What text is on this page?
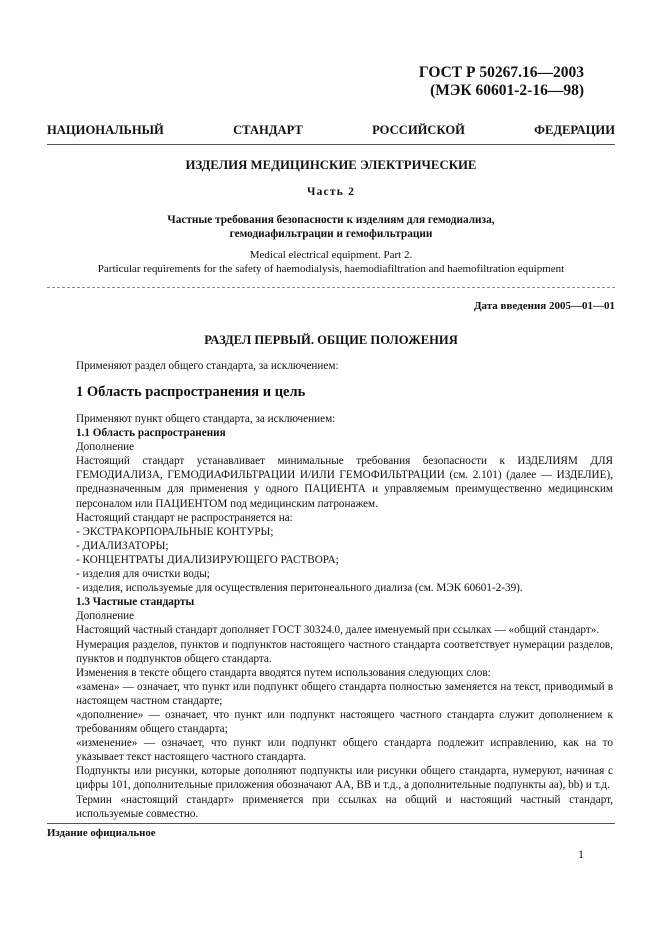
ГОСТ Р 50267.16—2003
(МЭК 60601-2-16—98)
НАЦИОНАЛЬНЫЙ СТАНДАРТ РОССИЙСКОЙ ФЕДЕРАЦИИ
ИЗДЕЛИЯ МЕДИЦИНСКИЕ ЭЛЕКТРИЧЕСКИЕ
Часть 2
Частные требования безопасности к изделиям для гемодиализа,
гемодиафильтрации и гемофильтрации
Medical electrical equipment. Part 2.
Particular requirements for the safety of haemodialysis, haemodiafiltration and haemofiltration equipment
Дата введения 2005—01—01
РАЗДЕЛ ПЕРВЫЙ. ОБЩИЕ ПОЛОЖЕНИЯ
Применяют раздел общего стандарта, за исключением:
1 Область распространения и цель
Применяют пункт общего стандарта, за исключением:
1.1 Область распространения
Дополнение
Настоящий стандарт устанавливает минимальные требования безопасности к ИЗДЕЛИЯМ ДЛЯ ГЕМОДИАЛИЗА, ГЕМОДИАФИЛЬТРАЦИИ И/ИЛИ ГЕМОФИЛЬТРАЦИИ (см. 2.101) (далее — ИЗДЕЛИЕ), предназначенным для применения у одного ПАЦИЕНТА и управляемым преимущественно медицинским персоналом или ПАЦИЕНТОМ под медицинским патронажем.
Настоящий стандарт не распространяется на:
- ЭКСТРАКОРПОРАЛЬНЫЕ КОНТУРЫ;
- ДИАЛИЗАТОРЫ;
- КОНЦЕНТРАТЫ ДИАЛИЗИРУЮЩЕГО РАСТВОРА;
- изделия для очистки воды;
- изделия, используемые для осуществления перитонеального диализа (см. МЭК 60601-2-39).
1.3 Частные стандарты
Дополнение
Настоящий частный стандарт дополняет ГОСТ 30324.0, далее именуемый при ссылках — «общий стандарт».
Нумерация разделов, пунктов и подпунктов настоящего частного стандарта соответствует нумерации разделов, пунктов и подпунктов общего стандарта.
Изменения в тексте общего стандарта вводятся путем использования следующих слов:
«замена» — означает, что пункт или подпункт общего стандарта полностью заменяется на текст, приводимый в настоящем частном стандарте;
«дополнение» — означает, что пункт или подпункт настоящего частного стандарта служит дополнением к требованиям общего стандарта;
«изменение» — означает, что пункт или подпункт общего стандарта подлежит исправлению, как на то указывает текст настоящего частного стандарта.
Подпункты или рисунки, которые дополняют подпункты или рисунки общего стандарта, нумеруют, начиная с цифры 101, дополнительные приложения обозначают АА, ВВ и т.д., а дополнительные подпункты аа), bb) и т.д.
Термин «настоящий стандарт» применяется при ссылках на общий и настоящий частный стандарт, используемые совместно.
Издание официальное
1
